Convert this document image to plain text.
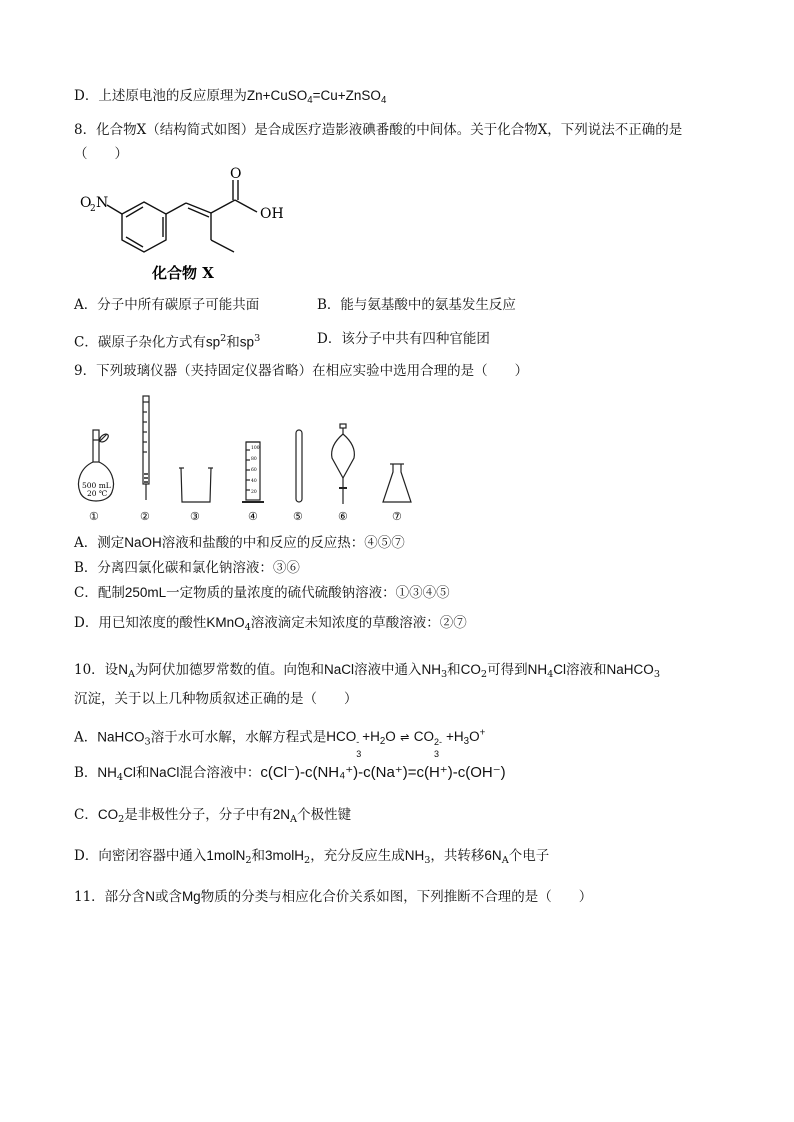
D．上述原电池的反应原理为Zn+CuSO$_4$=Cu+ZnSO$_4$
8．化合物X（结构简式如图）是合成医疗造影液碘番酸的中间体。关于化合物X，下列说法不正确的是
（　　）
O
2 N
O
OH
化合物 X
A．分子中所有碳原子可能共面	B．能与氨基酸中的氨基发生反应
C．碳原子杂化方式有$sp^2$和$sp^3$	D．该分子中共有四种官能团
9．下列玻璃仪器（夹持固定仪器省略）在相应实验中选用合理的是（　　）
500 mL
20 ℃
100
80
60
40
20
①	②	③	④	⑤	⑥	⑦
A．测定NaOH溶液和盐酸的中和反应的反应热：④⑤⑦
B．分离四氯化碳和氯化钠溶液：③⑥
C．配制250mL一定物质的量浓度的硫代硫酸钠溶液：①③④⑤
D．用已知浓度的酸性KMnO$_4$溶液滴定未知浓度的草酸溶液：②⑦
10．设$N_A$为阿伏加德罗常数的值。向饱和NaCl溶液中通入$NH_3$和$CO_2$可得到$NH_4Cl$溶液和NaHCO$_3$
沉淀，关于以上几种物质叙述正确的是（　　）
A．NaHCO$_3$溶于水可水解，水解方程式是HCO -
3
$+H_2O$ ⇌ CO 2-
3
$+H_3O^+$
B．$NH_4Cl$和NaCl混合溶液中：c(Cl⁻)-c(NH₄⁺)-c(Na⁺)=c(H⁺)-c(OH⁻)
C．$CO_2$是非极性分子，分子中有$2N_A$个极性键
D．向密闭容器中通入1molN$_2$和3molH$_2$，充分反应生成$NH_3$，共转移$6N_A$个电子
11．部分含N或含Mg物质的分类与相应化合价关系如图，下列推断不合理的是（　　）
